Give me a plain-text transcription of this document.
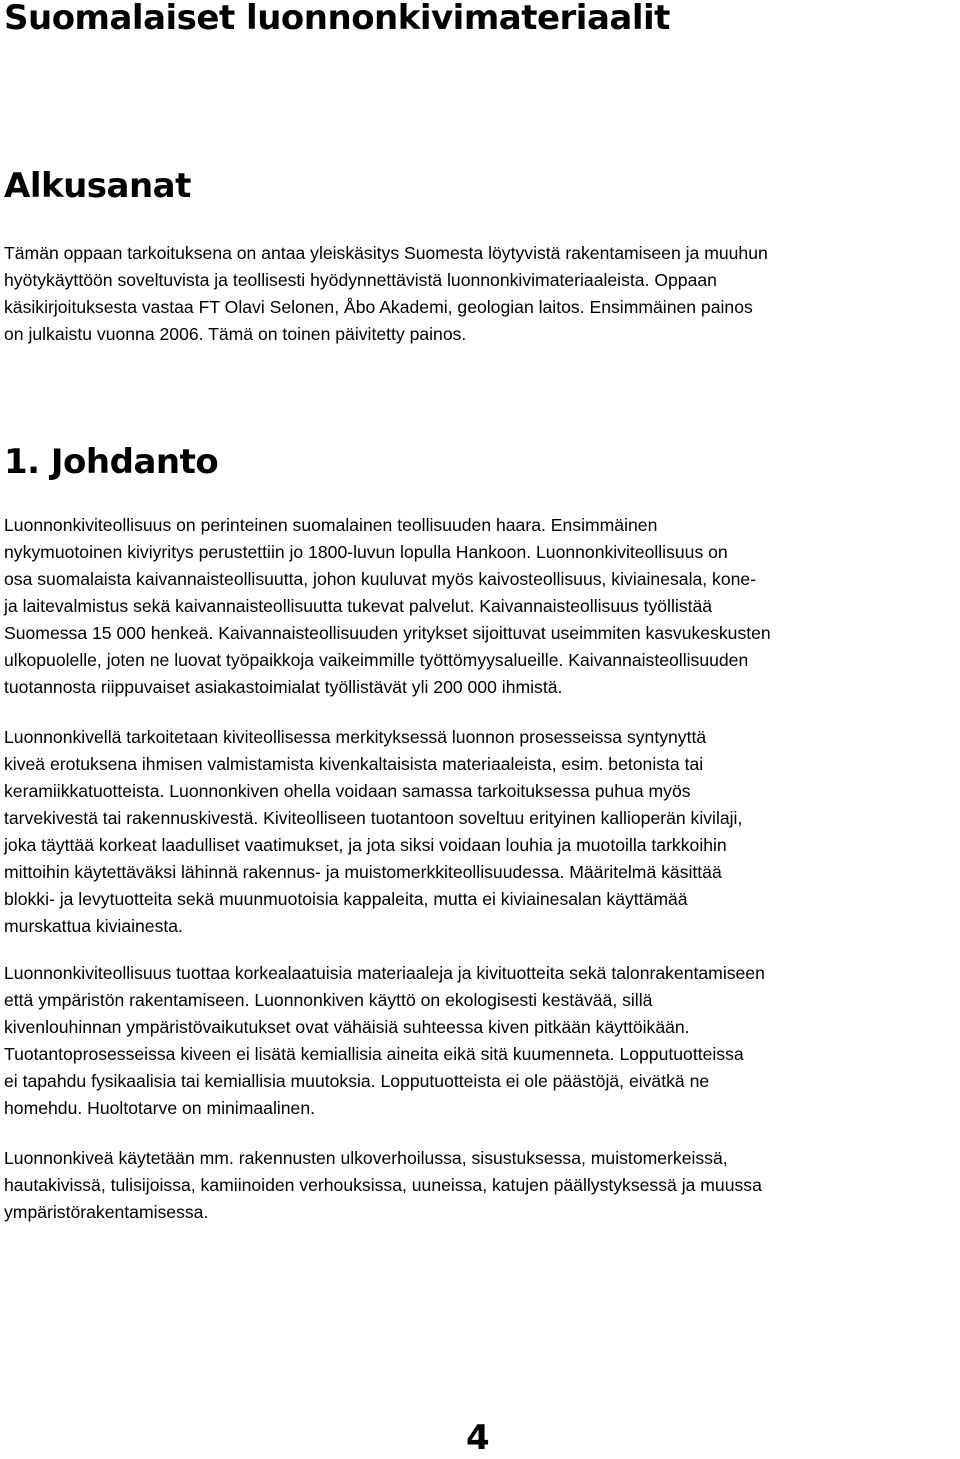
Suomalaiset luonnonkivimateriaalit
Alkusanat

Tämän oppaan tarkoituksena on antaa yleiskäsitys Suomesta löytyvistä rakentamiseen ja muuhun
hyötykäyttöön soveltuvista ja teollisesti hyödynnettävistä luonnonkivimateriaaleista. Oppaan
käsikirjoituksesta vastaa FT Olavi Selonen, Åbo Akademi, geologian laitos. Ensimmäinen painos
on julkaistu vuonna 2006. Tämä on toinen päivitetty painos.

1. Johdanto

Luonnonkiviteollisuus on perinteinen suomalainen teollisuuden haara. Ensimmäinen
nykymuotoinen kiviyritys perustettiin jo 1800-luvun lopulla Hankoon. Luonnonkiviteollisuus on
osa suomalaista kaivannaisteollisuutta, johon kuuluvat myös kaivosteollisuus, kiviainesala, kone-
ja laitevalmistus sekä kaivannaisteollisuutta tukevat palvelut. Kaivannaisteollisuus työllistää
Suomessa 15 000 henkeä. Kaivannaisteollisuuden yritykset sijoittuvat useimmiten kasvukeskusten
ulkopuolelle, joten ne luovat työpaikkoja vaikeimmille työttömyysalueille. Kaivannaisteollisuuden
tuotannosta riippuvaiset asiakastoimialat työllistävät yli 200 000 ihmistä.

Luonnonkivellä tarkoitetaan kiviteollisessa merkityksessä luonnon prosesseissa syntynyttä
kiveä erotuksena ihmisen valmistamista kivenkaltaisista materiaaleista, esim. betonista tai
keramiikkatuotteista. Luonnonkiven ohella voidaan samassa tarkoituksessa puhua myös
tarvekivestä tai rakennuskivestä. Kiviteolliseen tuotantoon soveltuu erityinen kallioperän kivilaji,
joka täyttää korkeat laadulliset vaatimukset, ja jota siksi voidaan louhia ja muotoilla tarkkoihin
mittoihin käytettäväksi lähinnä rakennus- ja muistomerkkiteollisuudessa. Määritelmä käsittää
blokki- ja levytuotteita sekä muunmuotoisia kappaleita, mutta ei kiviainesalan käyttämää
murskattua kiviainesta.

Luonnonkiviteollisuus tuottaa korkealaatuisia materiaaleja ja kivituotteita sekä talonrakentamiseen
että ympäristön rakentamiseen. Luonnonkiven käyttö on ekologisesti kestävää, sillä
kivenlouhinnan ympäristövaikutukset ovat vähäisiä suhteessa kiven pitkään käyttöikään.
Tuotantoprosesseissa kiveen ei lisätä kemiallisia aineita eikä sitä kuumenneta. Lopputuotteissa
ei tapahdu fysikaalisia tai kemiallisia muutoksia. Lopputuotteista ei ole päästöjä, eivätkä ne
homehdu. Huoltotarve on minimaalinen.

Luonnonkiveä käytetään mm. rakennusten ulkoverhoilussa, sisustuksessa, muistomerkeissä,
hautakivissä, tulisijoissa, kamiinoiden verhouksissa, uuneissa, katujen päällystyksessä ja muussa
ympäristörakentamisessa.

4
